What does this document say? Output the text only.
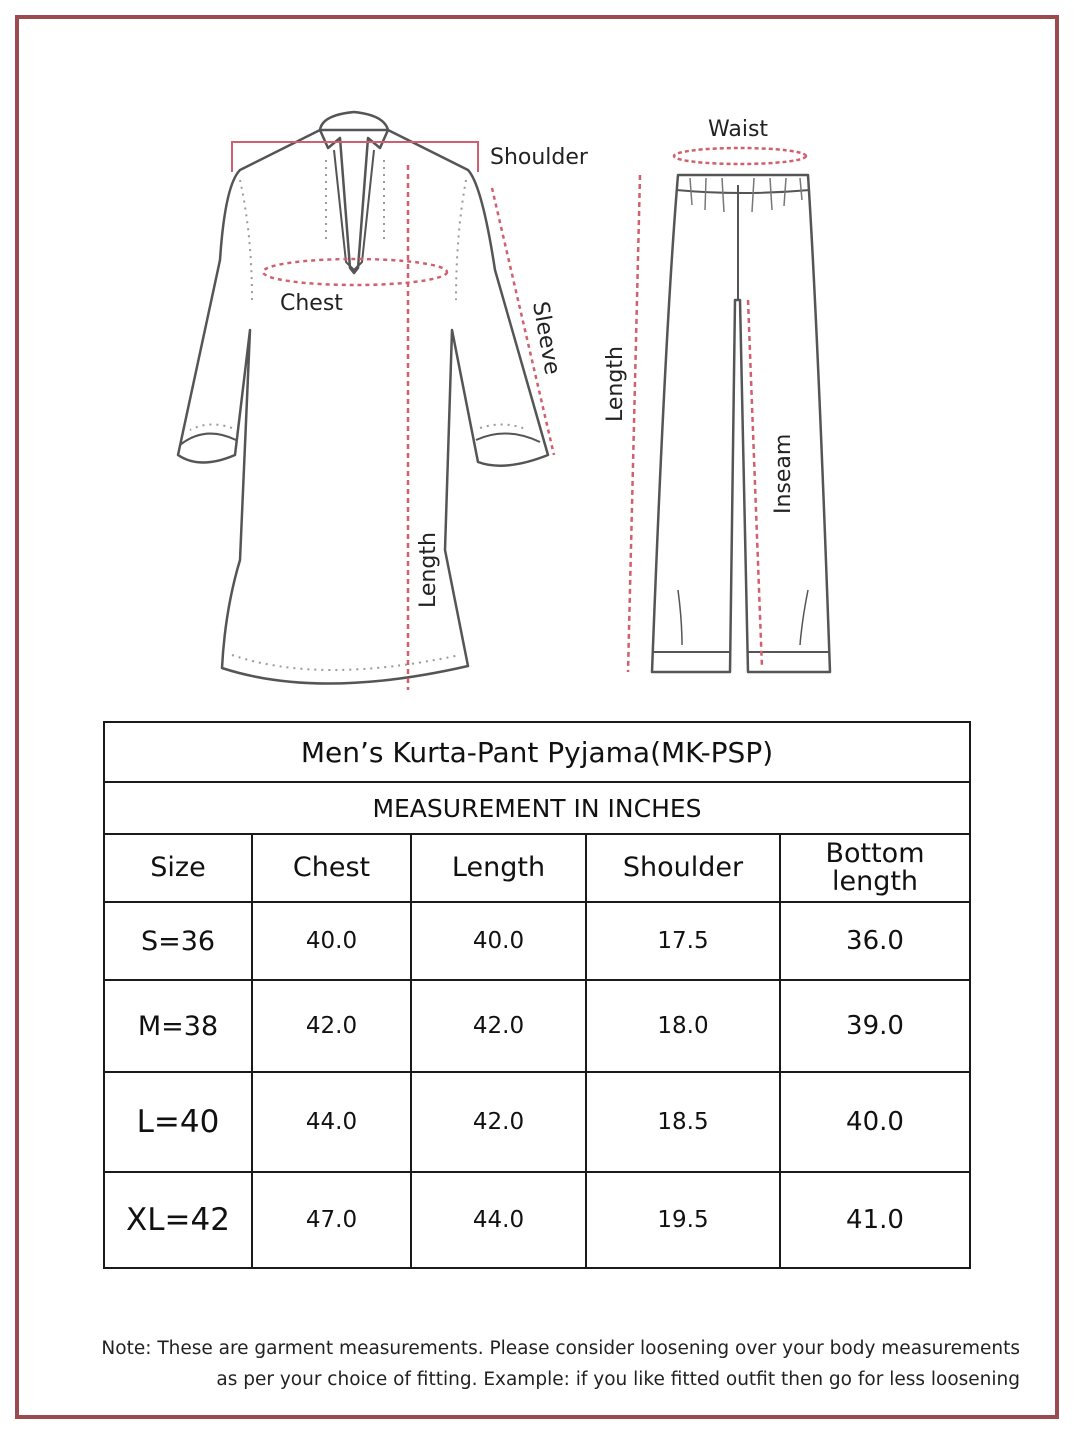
Shoulder
Chest	Sleeve
Length
Waist
Length
Inseam
Men’s Kurta-Pant Pyjama(MK-PSP)				
MEASUREMENT IN INCHES				
Size	Chest	Length	Shoulder	Bottom length
S=36	40.0	40.0	17.5	36.0
M=38	42.0	42.0	18.0	39.0
L=40	44.0	42.0	18.5	40.0
XL=42	47.0	44.0	19.5	41.0

Note: These are garment measurements. Please consider loosening over your body measurements
as per your choice of fitting. Example: if you like fitted outfit then go for less loosening
